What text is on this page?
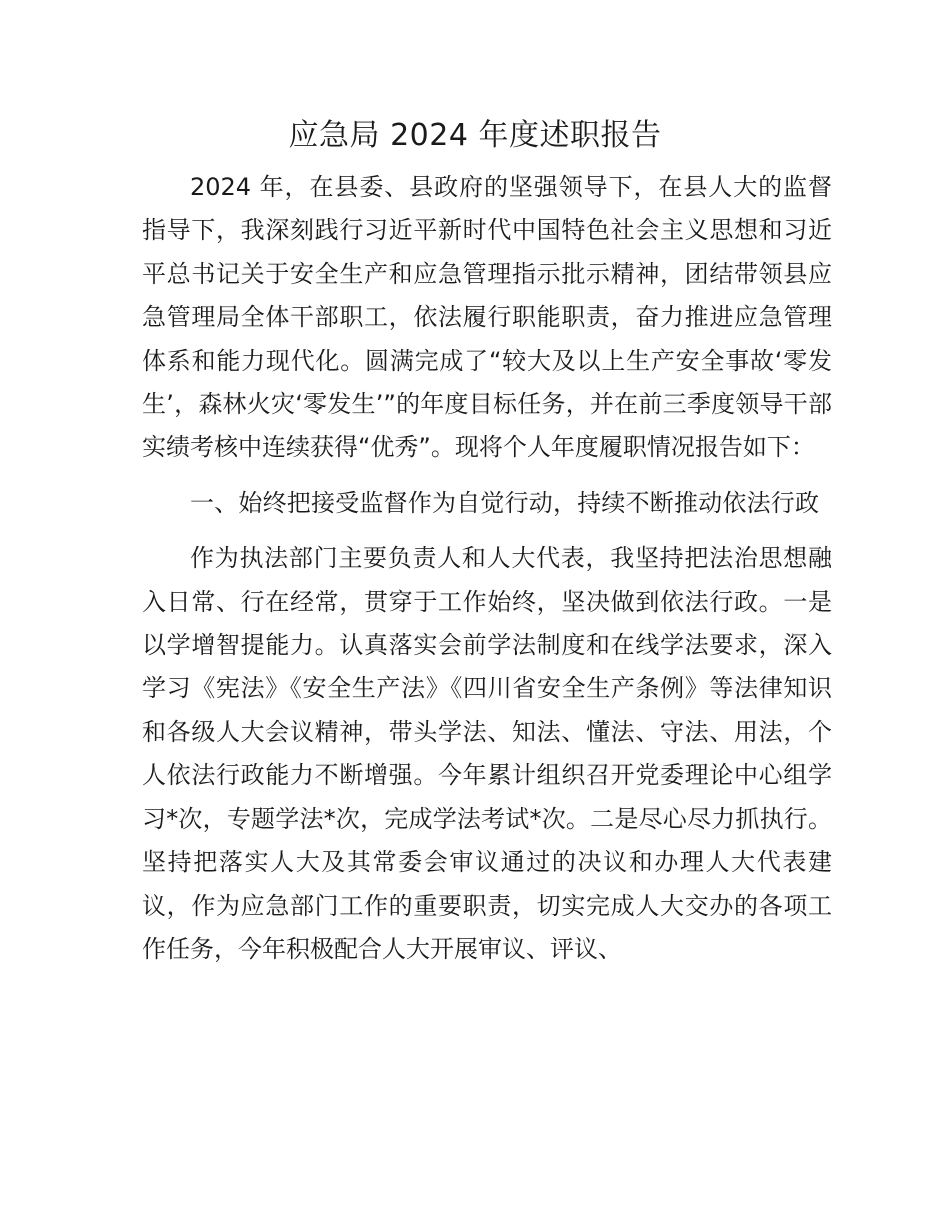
应急局 2024 年度述职报告

2024 年，在县委、县政府的坚强领导下，在县人大的监督指导下，我深刻践行习近平新时代中国特色社会主义思想和习近平总书记关于安全生产和应急管理指示批示精神，团结带领县应急管理局全体干部职工，依法履行职能职责，奋力推进应急管理体系和能力现代化。圆满完成了“较大及以上生产安全事故‘零发生’，森林火灾‘零发生’”的年度目标任务，并在前三季度领导干部实绩考核中连续获得“优秀”。现将个人年度履职情况报告如下：

一、始终把接受监督作为自觉行动，持续不断推动依法行政

作为执法部门主要负责人和人大代表，我坚持把法治思想融入日常、行在经常，贯穿于工作始终，坚决做到依法行政。一是以学增智提能力。认真落实会前学法制度和在线学法要求，深入学习《宪法》《安全生产法》《四川省安全生产条例》等法律知识和各级人大会议精神，带头学法、知法、懂法、守法、用法，个人依法行政能力不断增强。今年累计组织召开党委理论中心组学习*次，专题学法*次，完成学法考试*次。二是尽心尽力抓执行。坚持把落实人大及其常委会审议通过的决议和办理人大代表建议，作为应急部门工作的重要职责，切实完成人大交办的各项工作任务，今年积极配合人大开展审议、评议、
